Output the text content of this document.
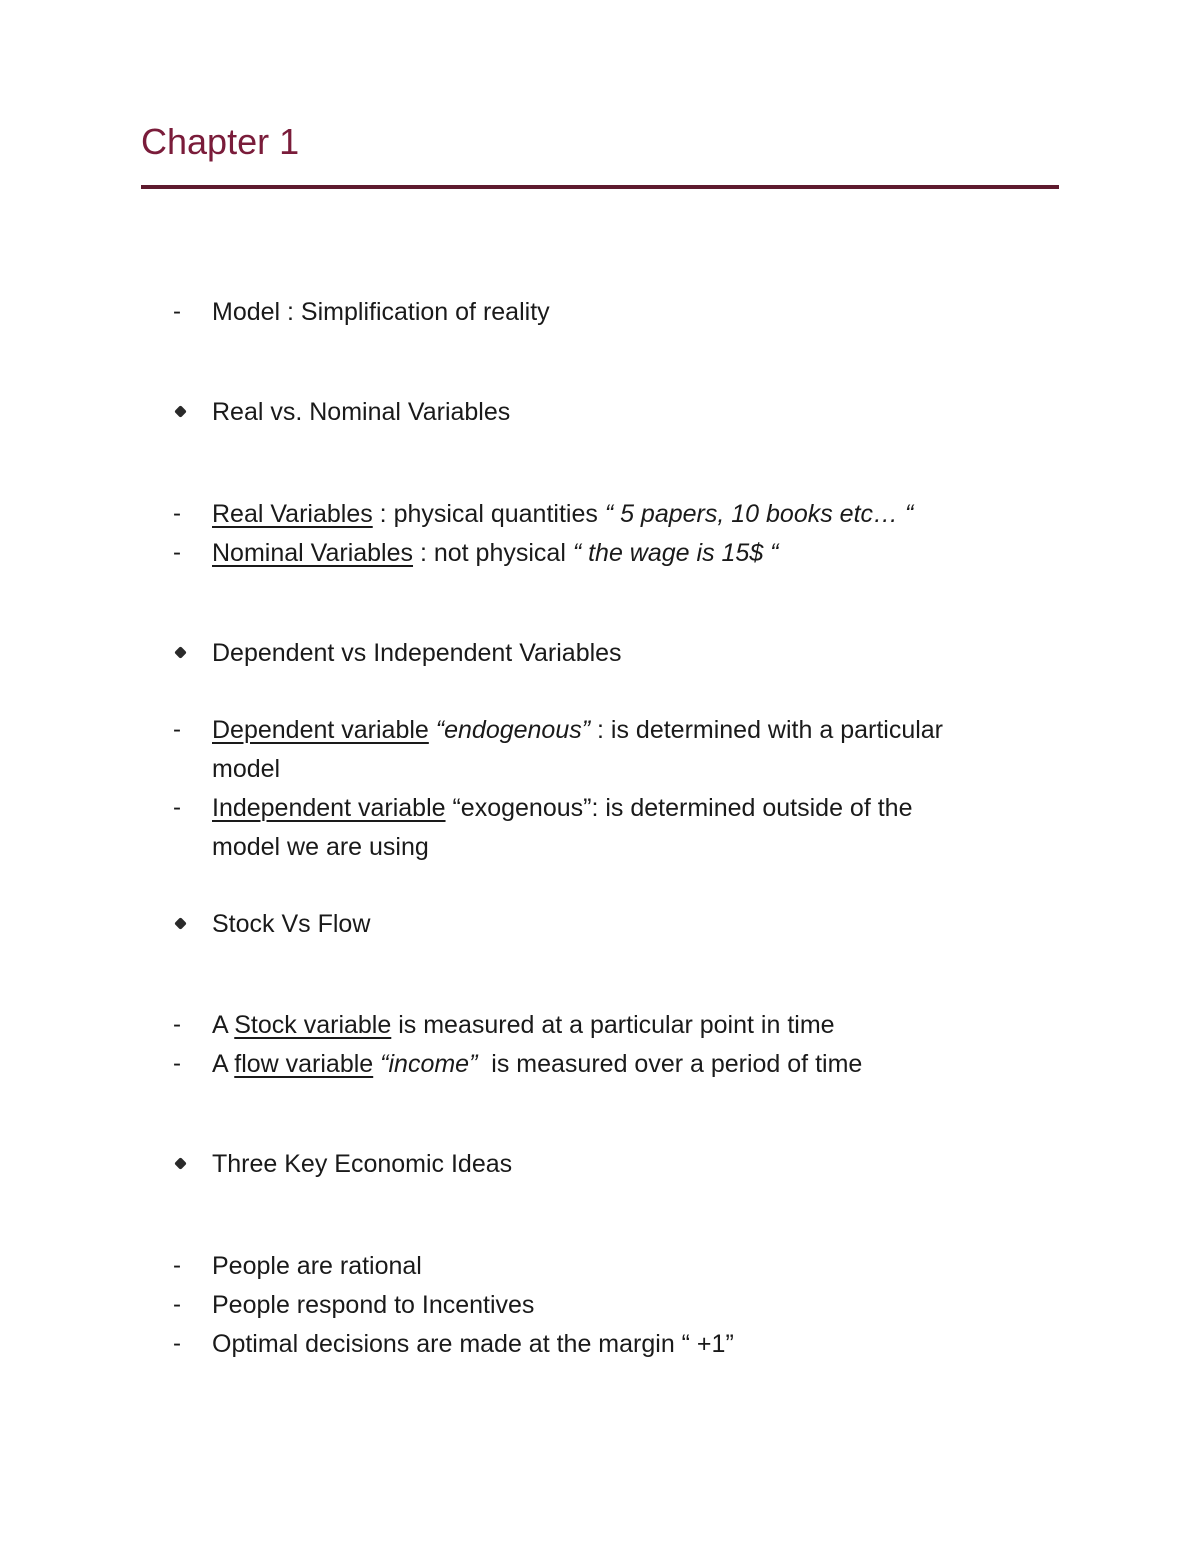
Chapter 1
-	Model : Simplification of reality
Real vs. Nominal Variables
-	Real Variables : physical quantities “ 5 papers, 10 books etc… “
-	Nominal Variables : not physical “ the wage is 15$ “
Dependent vs Independent Variables
-	Dependent variable “endogenous” : is determined with a particular
model
-	Independent variable “exogenous”: is determined outside of the
model we are using
Stock Vs Flow
-	A Stock variable is measured at a particular point in time
-	A flow variable “income”  is measured over a period of time
Three Key Economic Ideas
-	People are rational
-	People respond to Incentives
-	Optimal decisions are made at the margin “ +1”
